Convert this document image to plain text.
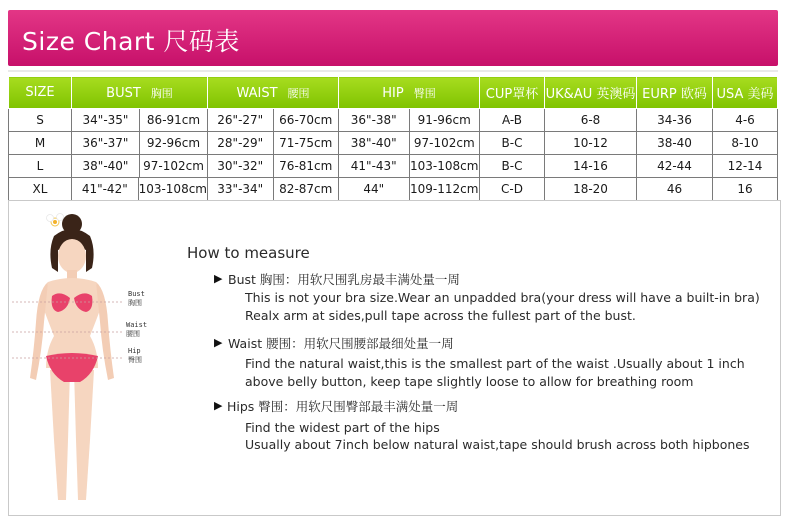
Size Chart 尺码表
SIZE	BUST 胸围	WAIST 腰围	HIP 臀围	CUP罩杯	UK&AU 英澳码	EURP 欧码	USA 美码
S	34"-35" 86-91cm	26"-27" 66-70cm	36"-38" 91-96cm	A-B	6-8	34-36	4-6
M	36"-37" 92-96cm	28"-29" 71-75cm	38"-40" 97-102cm	B-C	10-12	38-40	8-10
L	38"-40" 97-102cm	30"-32" 76-81cm	41"-43" 103-108cm	B-C	14-16	42-44	12-14
XL	41"-42" 103-108cm	33"-34" 82-87cm	44" 109-112cm	C-D	18-20	46	16
Bust
胸围
Waist
腰围
Hip
臀围
How to measure
▶ Bust 胸围：用软尺围乳房最丰满处量一周
This is not your bra size.Wear an unpadded bra(your dress will have a built-in bra)
Realx arm at sides,pull tape across the fullest part of the bust.
▶ Waist 腰围：用软尺围腰部最细处量一周
Find the natural waist,this is the smallest part of the waist .Usually about 1 inch
above belly button, keep tape slightly loose to allow for breathing room
▶ Hips 臀围：用软尺围臀部最丰满处量一周
Find the widest part of the hips
Usually about 7inch below natural waist,tape should brush across both hipbones
